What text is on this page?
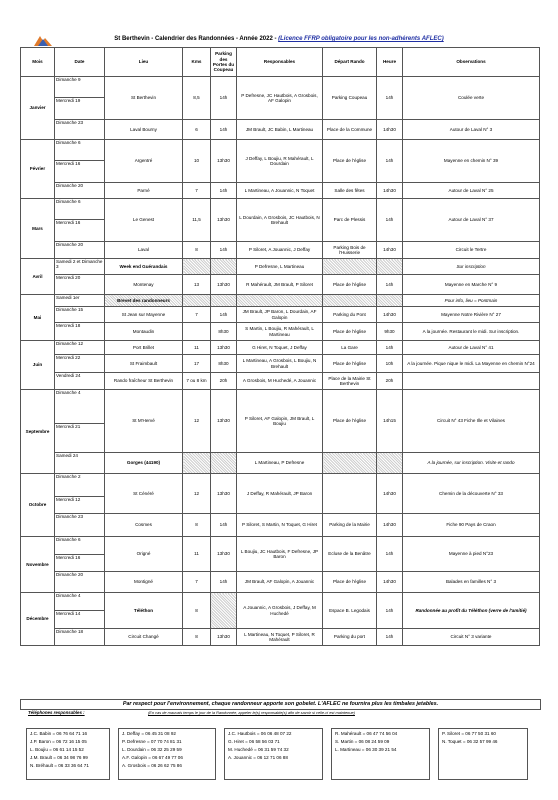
St Berthevin - Calendrier des Randonnées - Année 2022 - (Licence FFRP obligatoire pour les non-adhérents AFLEC)
Mois	Date	Lieu	Kms	Parking des Portes du Coupeau	Responsables	Départ Rando	Heure	Observations
Janvier	Dimanche 9	St Berthevin	8,5	14h	P Defresne, JC Hautbois, A Grosbois, AF Galopin	Parking Coupeau	14h	Coulée verte
	Mercredi 19							
	Dimanche 23	Laval Bourny	6	14h	JM Brault, JC Babin, L Martineau	Place de la Commune	14h30	Autour de Laval N° 3
Février	Dimanche 6	Argentré	10	13h30	J Deffay, L Boujiu, R Mahérault, L Dourdain	Place de l'église	14h	Mayenne en chemin N° 39
	Mercredi 16							
	Dimanche 20	Parné	7	14h	L Martineau, A Jouannic, N Toquet	Salle des fêtes	14h30	Autour de Laval N° 25
Mars	Dimanche 6	Le Genest	11,5	13h30	L Dourdain, A Grosbois, JC Hautbois, N Brehault	Parc de Plessis	14h	Autour de Laval N° 37
	Mercredi 16							
	Dimanche 20	Laval	8	14h	P Siloret, A Jouannic, J Deffay	Parking Bois de l'Huisserie	14h30	Circuit le Tertre
Avril	Samedi 2 et Dimanche 3	Week end Guérandais			P Defresne, L Martineau			Sur inscription
	Mercredi 20	Montenay	13	13h30	R Mahérault, JM Brault, P Siloret	Place de l'église	14h	Mayenne en Marche N° 9
Mai	Samedi 1er	Brevet des randonneurs						Pour info, lieu = Pontmain
	Dimanche 15	St Jean sur Mayenne	7	14h	JM Brault, JP Baron, L Dourdain, AF Galopin	Parking du Pont	14h30	Mayenne Notre Rivière N° 27
	Mercredi 18	Montaudin		8h30	S Martin, L Boujiu, R Mahérault, L Martineau	Place de l'église	9h30	A la journée. Restaurant le midi. Sur inscription.
Juin	Dimanche 12	Port Brillet	11	13h30	G Hiret, N Toquet, J Deffay	La Gare	14h	Autour de Laval N° 41
	Mercredi 22	St Fraimbault	17	8h30	L Martineau, A Grosbois, L Boujiu, N Brehault	Place de l'église	10h	A la journée. Pique nique le midi. La Mayenne en chemin N°24
	Vendredi 24	Rando fraîcheur St Berthevin	7 ou 8 km	20h	A Grosbois, M Huchedé, A Jouannic	Place de la Mairie St Berthevin	20h	
Septembre	Dimanche 4	St M'Hervé	12	13h30	P Siloret, AF Galopin, JM Brault, L Boujiu	Place de l'église	14h15	Circuit N° 43 Fiche Ille et Vilaines
	Mercredi 21							
	Samedi 24	Gorges (44190)			L Martineau, P Defresne			A la journée, sur inscription. Visite et rando
Octobre	Dimanche 2	St Cénéré	12	13h30	J Deffay, R Mahérault, JP Baron		14h30	Chemin de la découverte N° 33
	Mercredi 12							
	Dimanche 23	Cosmes	8	14h	P Siloret, S Martin, N Toquet, G Hiret	Parking de la Mairie	14h30	Fiche 90 Pays de Craon
Novembre	Dimanche 6	Origné	11	13h30	L Boujiu, JC Hautbois, F Defresne, JP Baron	Ecluse de la Benâtre	14h	Mayenne à pied N°23
	Mercredi 16							
	Dimanche 20	Montigné	7	14h	JM Brault, AF Galopin, A Jouannic	Place de l'église	14h30	Balades en familles N° 3
Décembre	Dimanche 4	Téléthon	8		A Jouannic, A Grosbois, J Deffay, M Huchedé	Espace B. Legodais	14h	Randonnée au profit du Téléthon (verre de l'amitié)
	Mercredi 14							
	Dimanche 18	Circuit Changé	8	13h30	L Martineau, N Toquet, P Siloret, R Mahérault	Parking du port	14h	Circuit N° 3 variante
Par respect pour l'environnement, chaque randonneur apporte son gobelet. L'AFLEC ne fournira plus les timbales jetables.
Téléphones responsables :	(En cas de mauvais temps le jour de la Randonnée, appeler le(s) responsable(s) afin de savoir si celle-ci est maintenue)
J.C. Babin = 06 76 64 71 16
J.P. Baron = 06 72 16 15 05
L. Boujiu = 06 61 14 15 52
J.M. Brault = 06 34 98 76 99
N. Bréhault = 06 33 36 64 71
J. Deffay = 06 45 31 08 92
P. Defresne = 07 70 74 81 31
L. Dourdain = 06 32 25 29 59
A.F. Galopin = 06 67 49 77 06
A. Grosbois = 06 26 62 75 86
J.C. Hautbois = 06 06 48 07 22
G. Hiret = 06 58 56 03 71
M. Huchedé = 06 31 59 74 32
A. Jouannic = 06 12 71 06 88
R. Mahérault = 06 47 74 56 04
S. Martin = 06 08 24 59 09
L. Martineau = 06 30 39 21 54
P. Siloret = 06 77 50 31 60
N. Toquet = 06 32 57 99 46
